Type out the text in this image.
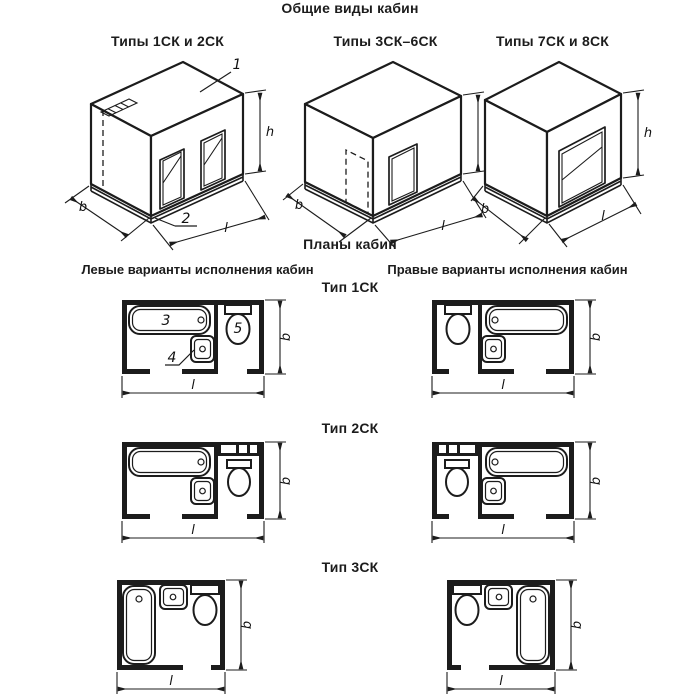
Общие виды кабин
Типы 1СК и 2СК	Типы 3СК–6СК	Типы 7СК и 8СК
1
2
h
b
l
b
l
h
b	l
Планы кабин
Левые варианты исполнения кабин	Правые варианты исполнения кабин
Тип 1СК
3
4
5	b
l
b
l
Тип 2СК
b
l
b
l
Тип 3СК
b
l
b
l
